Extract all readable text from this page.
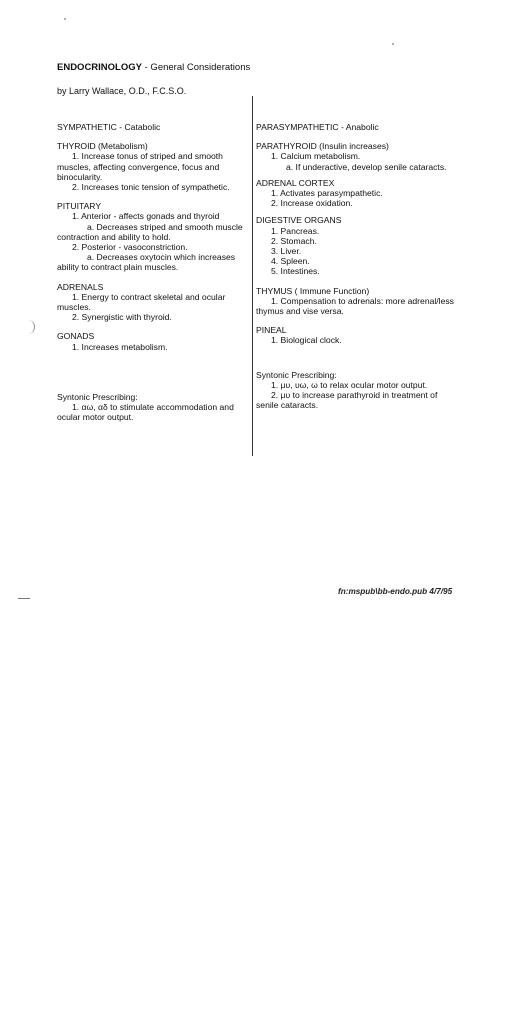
ENDOCRINOLOGY - General Considerations
by Larry Wallace, O.D., F.C.S.O.
SYMPATHETIC - Catabolic
THYROID (Metabolism)
1. Increase tonus of striped and smooth muscles, affecting convergence, focus and binocularity.
2. Increases tonic tension of sympathetic.
PITUITARY
1. Anterior - affects gonads and thyroid
a. Decreases striped and smooth muscle contraction and ability to hold.
2. Posterior - vasoconstriction.
a. Decreases oxytocin which increases ability to contract plain muscles.
ADRENALS
1. Energy to contract skeletal and ocular muscles.
2. Synergistic with thyroid.
GONADS
1. Increases metabolism.
Syntonic Prescribing:
1. αω, αδ to stimulate accommodation and ocular motor output.
PARASYMPATHETIC - Anabolic
PARATHYROID (Insulin increases)
1. Calcium metabolism.
a. If underactive, develop senile cataracts.
ADRENAL CORTEX
1. Activates parasympathetic.
2. Increase oxidation.
DIGESTIVE ORGANS
1. Pancreas.
2. Stomach.
3. Liver.
4. Spleen.
5. Intestines.
THYMUS ( Immune Function)
1. Compensation to adrenals: more adrenal/less thymus and vise versa.
PINEAL
1. Biological clock.
Syntonic Prescribing:
1. μυ, υω, ω to relax ocular motor output.
2. μυ to increase parathyroid in treatment of senile cataracts.
fn:mspub\bb-endo.pub 4/7/95
